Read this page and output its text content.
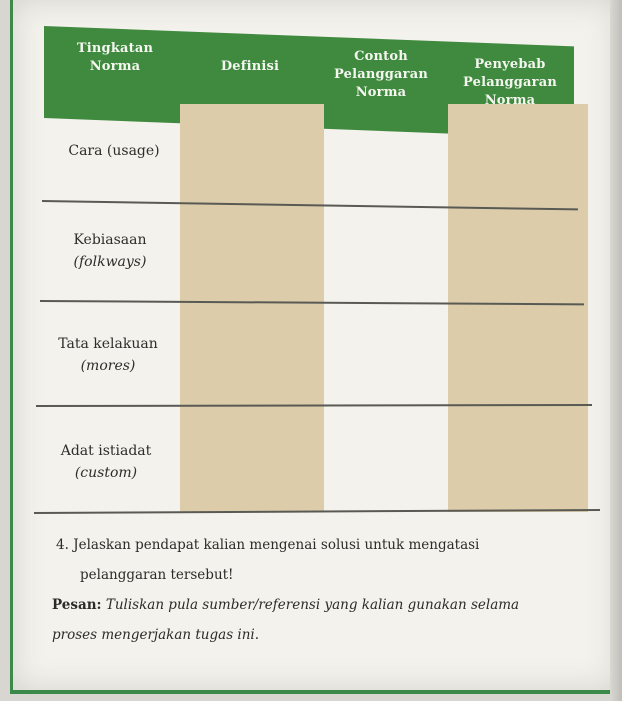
Tingkatan
Norma	Definisi
Contoh
Pelanggaran
Norma
Penyebab
Pelanggaran
Norma
Cara (usage)
Kebiasaan
(folkways)
Tata kelakuan
(mores)
Adat istiadat
(custom)
4. Jelaskan pendapat kalian mengenai solusi untuk mengatasi
pelanggaran tersebut!
Pesan: Tuliskan pula sumber/referensi yang kalian gunakan selama
proses mengerjakan tugas ini.
